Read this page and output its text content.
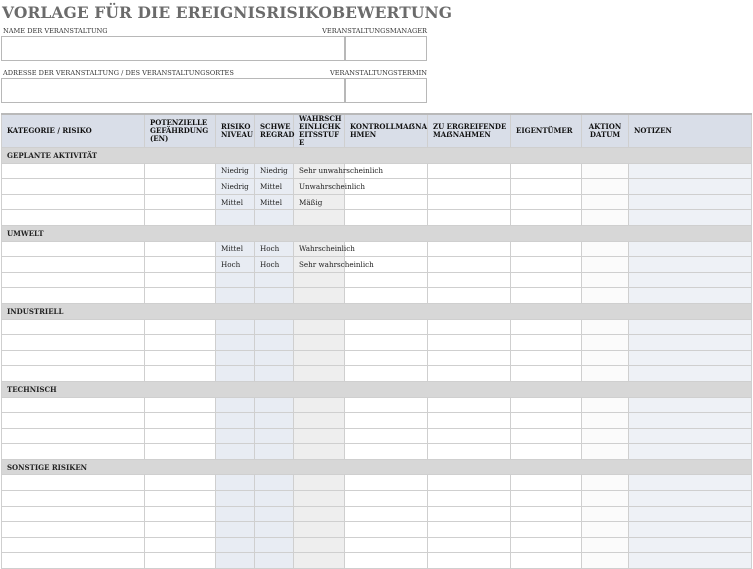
VORLAGE FÜR DIE EREIGNISRISIKOBEWERTUNG
NAME DER VERANSTALTUNG	VERANSTALTUNGSMANAGER
ADRESSE DER VERANSTALTUNG / DES VERANSTALTUNGSORTES	VERANSTALTUNGSTERMIN
KATEGORIE / RISIKO	POTENZIELLE GEFÄHRDUNG(EN)	RISIKO NIVEAU	SCHWE REGRAD	WAHRSCHEINLICHKEITSSTUFE	KONTROLLMAẞNAHMEN	ZU ERGREIFENDE MAẞNAHMEN	EIGENTÜMER	AKTION DATUM	NOTIZEN
GEPLANTE AKTIVITÄT									
		Niedrig	Niedrig	Sehr unwahrscheinlich					
		Niedrig	Mittel	Unwahrscheinlich					
		Mittel	Mittel	Mäßig					

UMWELT									
		Mittel	Hoch	Wahrscheinlich					
		Hoch	Hoch	Sehr wahrscheinlich					

INDUSTRIELL									

TECHNISCH									

SONSTIGE RISIKEN									
